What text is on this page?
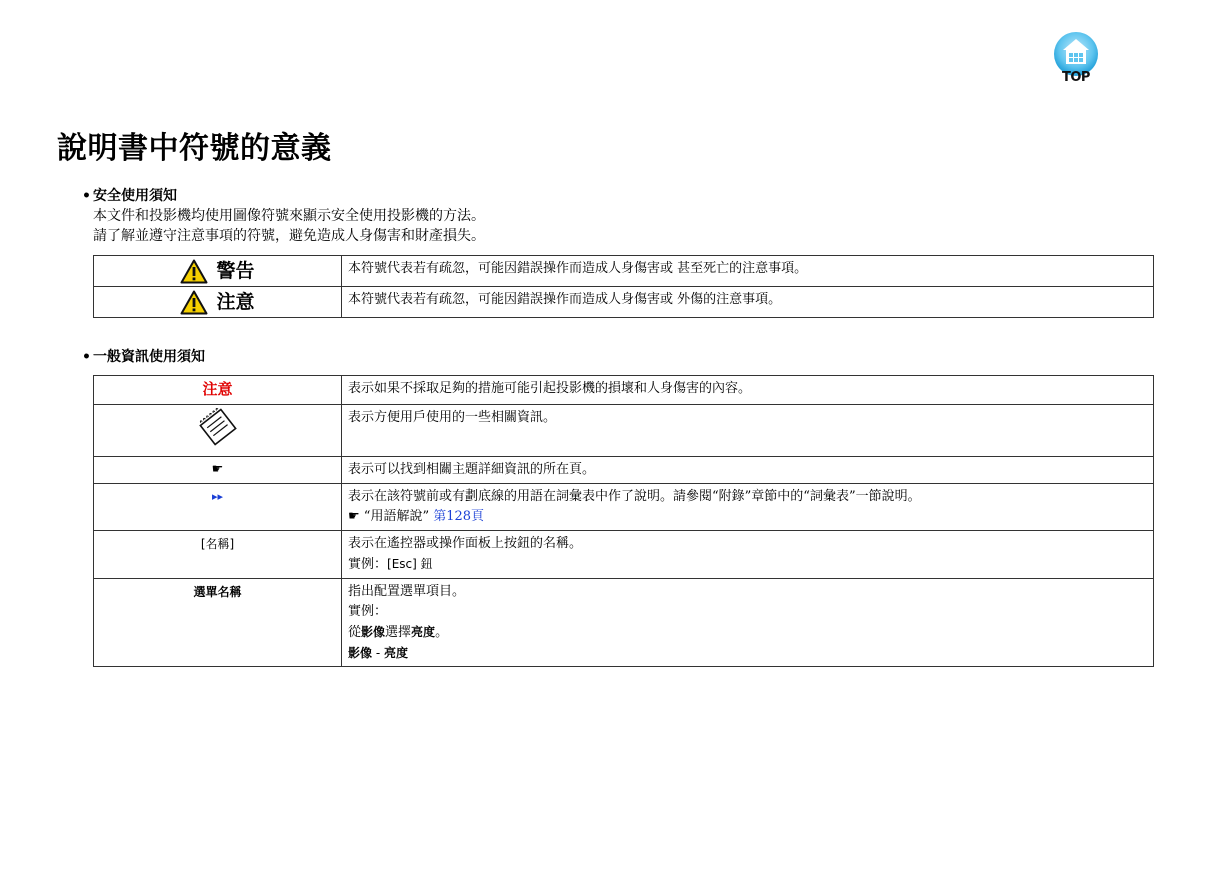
TOP
說明書中符號的意義
• 安全使用須知
本文件和投影機均使用圖像符號來顯示安全使用投影機的方法。
請了解並遵守注意事項的符號，避免造成人身傷害和財產損失。
警告	本符號代表若有疏忽，可能因錯誤操作而造成人身傷害或 甚至死亡的注意事項。

注意	本符號代表若有疏忽，可能因錯誤操作而造成人身傷害或 外傷的注意事項。
• 一般資訊使用須知
注意	表示如果不採取足夠的措施可能引起投影機的損壞和人身傷害的內容。
	表示方便用戶使用的一些相關資訊。
☛	表示可以找到相關主題詳細資訊的所在頁。
▸▸	表示在該符號前或有劃底線的用語在詞彙表中作了說明。請參閱“附錄”章節中的“詞彙表”一節說明。
☛ “用語解說” 第128頁

[名稱]	表示在遙控器或操作面板上按鈕的名稱。
實例：[Esc] 鈕

選單名稱	指出配置選單項目。
實例：
從影像選擇亮度。
影像 - 亮度
